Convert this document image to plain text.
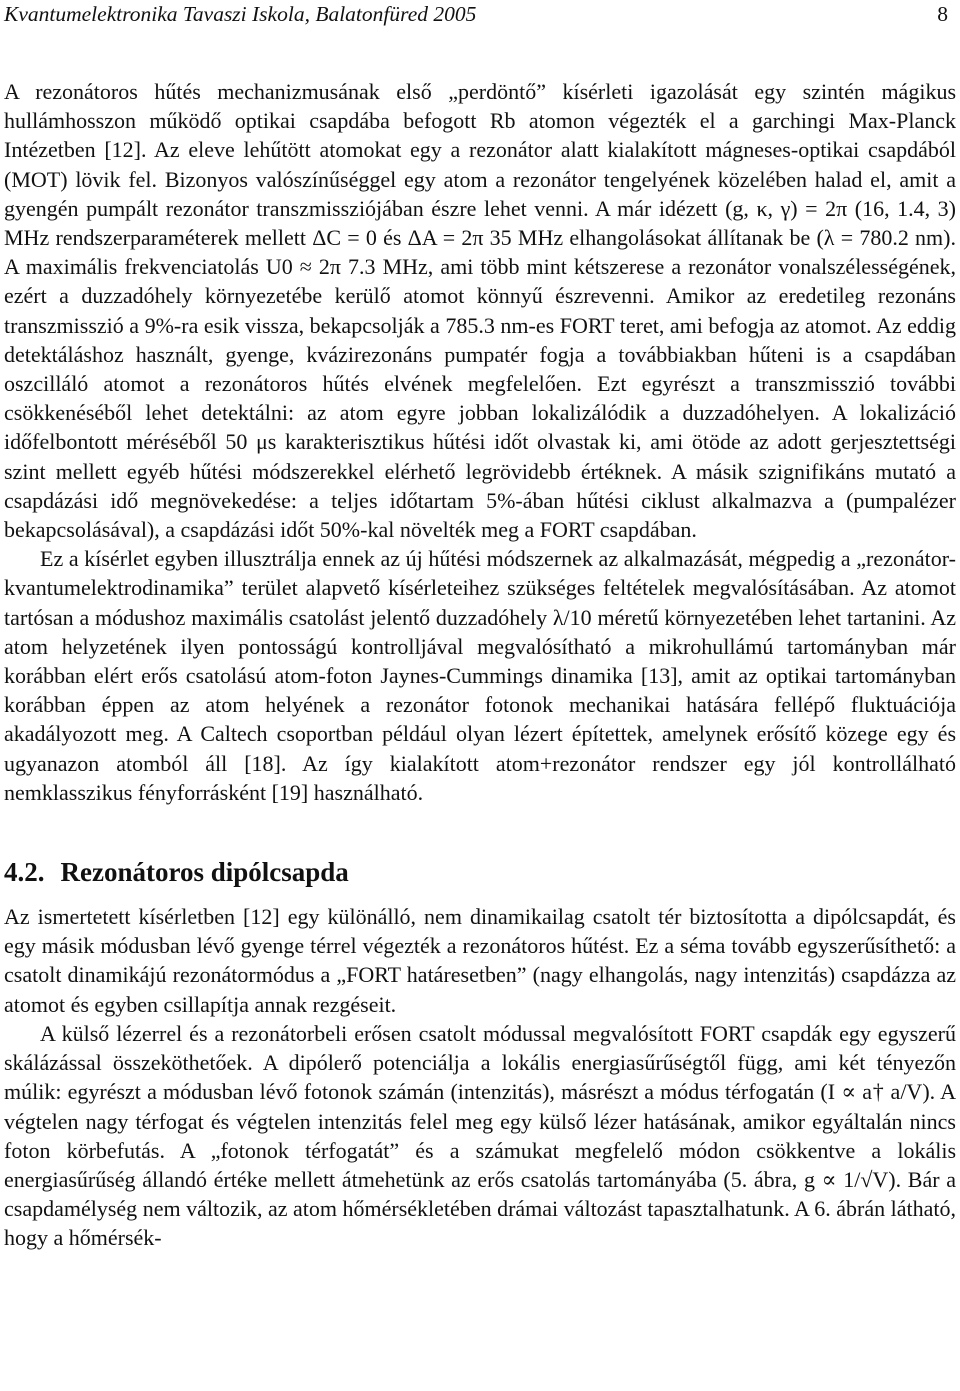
Kvantumelektronika Tavaszi Iskola, Balatonfüred 2005	8

A rezonátoros hűtés mechanizmusának első „perdöntő” kísérleti igazolását egy szintén mágikus hullámhosszon működő optikai csapdába befogott Rb atomon végezték el a garchingi Max-Planck Intézetben [12]. Az eleve lehűtött atomokat egy a rezonátor alatt kialakított mágneses-optikai csapdából (MOT) lövik fel. Bizonyos valószínűséggel egy atom a rezonátor tengelyének közelében halad el, amit a gyengén pumpált rezonátor transzmissziójában észre lehet venni. A már idézett (g, κ, γ) = 2π (16, 1.4, 3) MHz rendszerparaméterek mellett ΔC = 0 és ΔA = 2π 35 MHz elhangolásokat állítanak be (λ = 780.2 nm). A maximális frekvenciatolás U0 ≈ 2π 7.3 MHz, ami több mint kétszerese a rezonátor vonalszélességének, ezért a duzzadóhely környezetébe kerülő atomot könnyű észrevenni. Amikor az eredetileg rezonáns transzmisszió a 9%-ra esik vissza, bekapcsolják a 785.3 nm-es FORT teret, ami befogja az atomot. Az eddig detektáláshoz használt, gyenge, kvázirezonáns pumpatér fogja a továbbiakban hűteni is a csapdában oszcilláló atomot a rezonátoros hűtés elvének megfelelően. Ezt egyrészt a transzmisszió további csökkenéséből lehet detektálni: az atom egyre jobban lokalizálódik a duzzadóhelyen. A lokalizáció időfelbontott méréséből 50 μs karakterisztikus hűtési időt olvastak ki, ami ötöde az adott gerjesztettségi szint mellett egyéb hűtési módszerekkel elérhető legrövidebb értéknek. A másik szignifikáns mutató a csapdázási idő megnövekedése: a teljes időtartam 5%-ában hűtési ciklust alkalmazva a (pumpalézer bekapcsolásával), a csapdázási időt 50%-kal növelték meg a FORT csapdában.

Ez a kísérlet egyben illusztrálja ennek az új hűtési módszernek az alkalmazását, mégpedig a „rezonátor-kvantumelektrodinamika” terület alapvető kísérleteihez szükséges feltételek megvalósításában. Az atomot tartósan a módushoz maximális csatolást jelentő duzzadóhely λ/10 méretű környezetében lehet tartanini. Az atom helyzetének ilyen pontosságú kontrolljával megvalósítható a mikrohullámú tartományban már korábban elért erős csatolású atom-foton Jaynes-Cummings dinamika [13], amit az optikai tartományban korábban éppen az atom helyének a rezonátor fotonok mechanikai hatására fellépő fluktuációja akadályozott meg. A Caltech csoportban például olyan lézert építettek, amelynek erősítő közege egy és ugyanazon atomból áll [18]. Az így kialakított atom+rezonátor rendszer egy jól kontrollálható nemklasszikus fényforrásként [19] használható.

4.2. Rezonátoros dipólcsapda

Az ismertetett kísérletben [12] egy különálló, nem dinamikailag csatolt tér biztosította a dipólcsapdát, és egy másik módusban lévő gyenge térrel végezték a rezonátoros hűtést. Ez a séma tovább egyszerűsíthető: a csatolt dinamikájú rezonátormódus a „FORT határesetben” (nagy elhangolás, nagy intenzitás) csapdázza az atomot és egyben csillapítja annak rezgéseit.

A külső lézerrel és a rezonátorbeli erősen csatolt módussal megvalósított FORT csapdák egy egyszerű skálázással összeköthetőek. A dipólerő potenciálja a lokális energiasűrűségtől függ, ami két tényezőn múlik: egyrészt a módusban lévő fotonok számán (intenzitás), másrészt a módus térfogatán (I ∝ a† a/V). A végtelen nagy térfogat és végtelen intenzitás felel meg egy külső lézer hatásának, amikor egyáltalán nincs foton körbefutás. A „fotonok térfogatát” és a számukat megfelelő módon csökkentve a lokális energiasűrűség állandó értéke mellett átmehetünk az erős csatolás tartományába (5. ábra, g ∝ 1/√V). Bár a csapdamélység nem változik, az atom hőmérsékletében drámai változást tapasztalhatunk. A 6. ábrán látható, hogy a hőmérsék-
